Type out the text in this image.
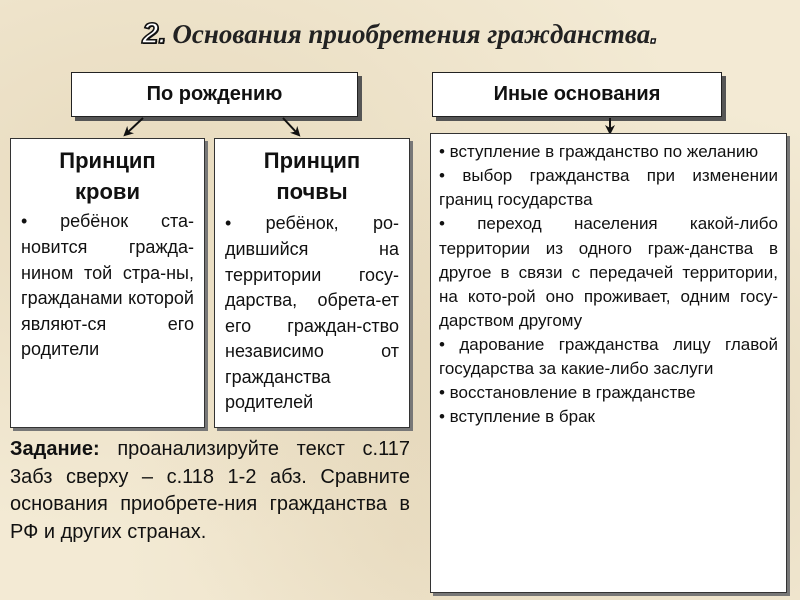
2. Основания приобретения гражданства.
По рождению	Иные основания
Принцип
крови
• ребёнок ста-новится гражда-нином той стра-ны, гражданами которой являют-ся его родители
Принцип
почвы
• ребёнок, ро-дившийся на территории госу-дарства, обрета-ет его граждан-ство независимо от гражданства родителей
• вступление в гражданство по желанию
• выбор гражданства при изменении границ государства
• переход населения какой-либо территории из одного граж-данства в другое в связи с передачей территории, на кото-рой оно проживает, одним госу-дарством другому
• дарование гражданства лицу главой государства за какие-либо заслуги
• восстановление в гражданстве
• вступление в брак
Задание: проанализируйте текст с.117 3абз сверху – с.118 1-2 абз. Сравните основания приобрете-ния гражданства в РФ и других странах.
